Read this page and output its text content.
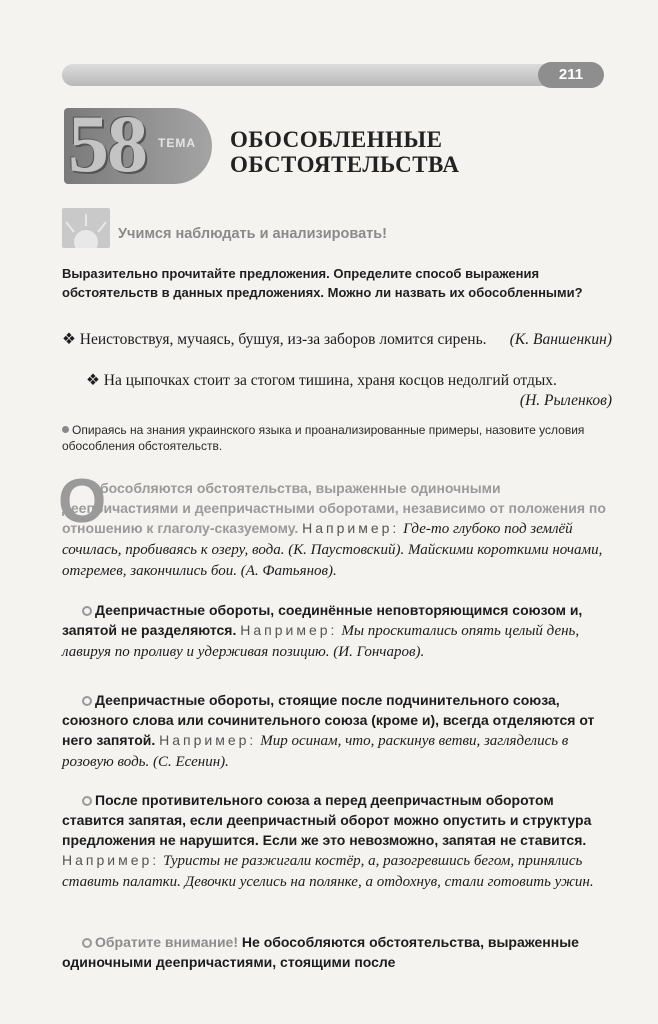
211
58 ТЕМА ОБОСОБЛЕННЫЕ
ОБСТОЯТЕЛЬСТВА
Учимся наблюдать и анализировать!
Выразительно прочитайте предложения. Определите способ выражения обстоятельств в данных предложениях. Можно ли назвать их обособленными?
❖ Неистовствуя, мучаясь, бушуя, из-за заборов ломится сирень. (К. Ваншенкин)
❖ На цыпочках стоит за стогом тишина, храня косцов недолгий отдых.
(Н. Рыленков)
Опираясь на знания украинского языка и проанализированные примеры, назовите условия обособления обстоятельств.
О
бособляются обстоятельства, выраженные одиночными деепричастиями и деепричастными оборотами, независимо от положения по отношению к глаголу-сказуемому. Например: Где-то глубоко под землёй сочилась, пробиваясь к озеру, вода. (К. Паустовский). Майскими короткими ночами, отгремев, закончились бои. (А. Фатьянов).
Деепричастные обороты, соединённые неповторяющимся союзом и, запятой не разделяются. Например: Мы проскитались опять целый день, лавируя по проливу и удерживая позицию. (И. Гончаров).
Деепричастные обороты, стоящие после подчинительного союза, союзного слова или сочинительного союза (кроме и), всегда отделяются от него запятой. Например: Мир осинам, что, раскинув ветви, загляделись в розовую водь. (С. Есенин).
После противительного союза а перед деепричастным оборотом ставится запятая, если деепричастный оборот можно опустить и структура предложения не нарушится. Если же это невозможно, запятая не ставится. Например: Туристы не разжигали костёр, а, разогревшись бегом, принялись ставить палатки. Девочки уселись на полянке, а отдохнув, стали готовить ужин.
Обратите внимание! Не обособляются обстоятельства, выраженные одиночными деепричастиями, стоящими после
